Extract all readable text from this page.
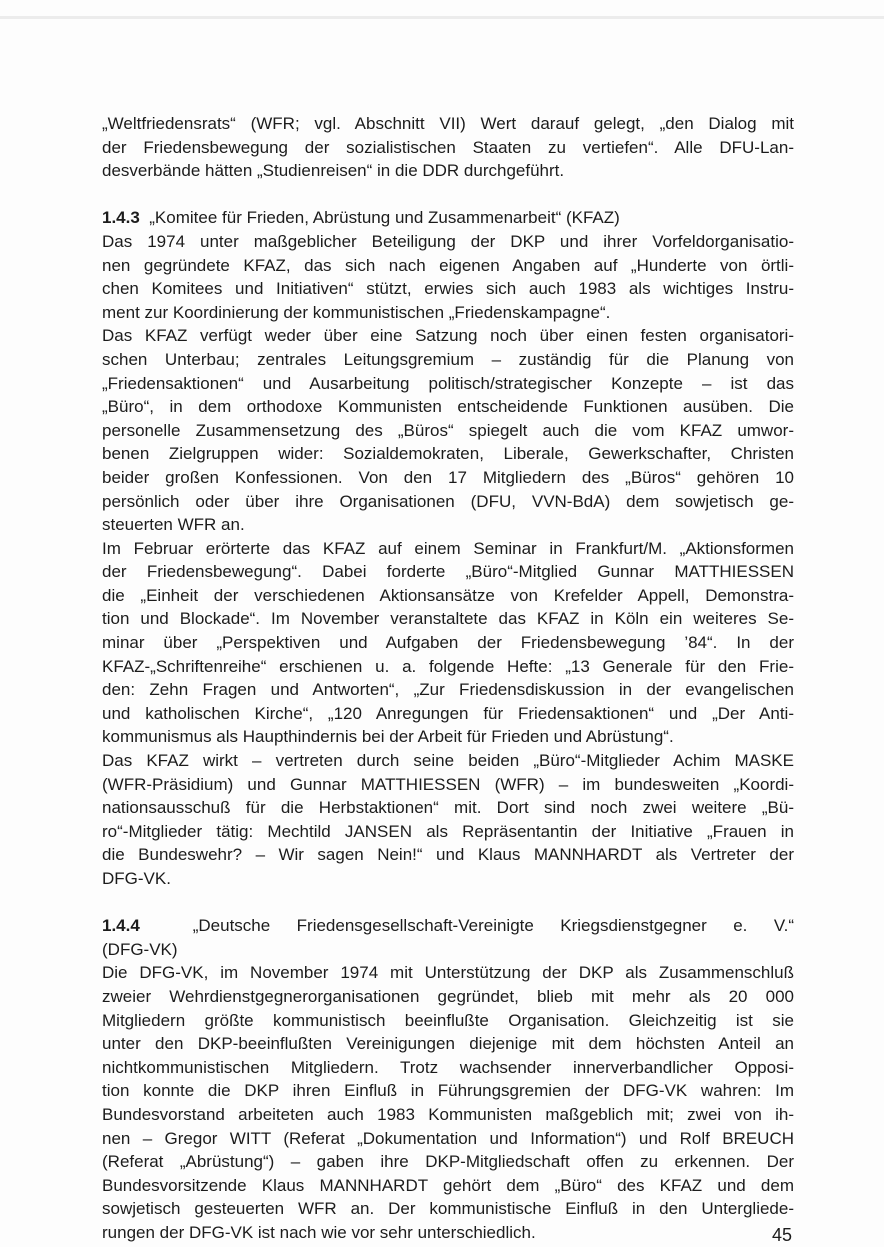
„Weltfriedensrats“ (WFR; vgl. Abschnitt VII) Wert darauf gelegt, „den Dialog mit
der Friedensbewegung der sozialistischen Staaten zu vertiefen“. Alle DFU-Lan-
desverbände hätten „Studienreisen“ in die DDR durchgeführt.
1.4.3 „Komitee für Frieden, Abrüstung und Zusammenarbeit“ (KFAZ)
Das 1974 unter maßgeblicher Beteiligung der DKP und ihrer Vorfeldorganisatio-
nen gegründete KFAZ, das sich nach eigenen Angaben auf „Hunderte von örtli-
chen Komitees und Initiativen“ stützt, erwies sich auch 1983 als wichtiges Instru-
ment zur Koordinierung der kommunistischen „Friedenskampagne“.
Das KFAZ verfügt weder über eine Satzung noch über einen festen organisatori-
schen Unterbau; zentrales Leitungsgremium – zuständig für die Planung von
„Friedensaktionen“ und Ausarbeitung politisch/strategischer Konzepte – ist das
„Büro“, in dem orthodoxe Kommunisten entscheidende Funktionen ausüben. Die
personelle Zusammensetzung des „Büros“ spiegelt auch die vom KFAZ umwor-
benen Zielgruppen wider: Sozialdemokraten, Liberale, Gewerkschafter, Christen
beider großen Konfessionen. Von den 17 Mitgliedern des „Büros“ gehören 10
persönlich oder über ihre Organisationen (DFU, VVN-BdA) dem sowjetisch ge-
steuerten WFR an.
Im Februar erörterte das KFAZ auf einem Seminar in Frankfurt/M. „Aktionsformen
der Friedensbewegung“. Dabei forderte „Büro“-Mitglied Gunnar MATTHIESSEN
die „Einheit der verschiedenen Aktionsansätze von Krefelder Appell, Demonstra-
tion und Blockade“. Im November veranstaltete das KFAZ in Köln ein weiteres Se-
minar über „Perspektiven und Aufgaben der Friedensbewegung ’84“. In der
KFAZ-„Schriftenreihe“ erschienen u. a. folgende Hefte: „13 Generale für den Frie-
den: Zehn Fragen und Antworten“, „Zur Friedensdiskussion in der evangelischen
und katholischen Kirche“, „120 Anregungen für Friedensaktionen“ und „Der Anti-
kommunismus als Haupthindernis bei der Arbeit für Frieden und Abrüstung“.
Das KFAZ wirkt – vertreten durch seine beiden „Büro“-Mitglieder Achim MASKE
(WFR-Präsidium) und Gunnar MATTHIESSEN (WFR) – im bundesweiten „Koordi-
nationsausschuß für die Herbstaktionen“ mit. Dort sind noch zwei weitere „Bü-
ro“-Mitglieder tätig: Mechtild JANSEN als Repräsentantin der Initiative „Frauen in
die Bundeswehr? – Wir sagen Nein!“ und Klaus MANNHARDT als Vertreter der
DFG-VK.
1.4.4	„Deutsche Friedensgesellschaft-Vereinigte Kriegsdienstgegner e. V.“
(DFG-VK)
Die DFG-VK, im November 1974 mit Unterstützung der DKP als Zusammenschluß
zweier Wehrdienstgegnerorganisationen gegründet, blieb mit mehr als 20 000
Mitgliedern größte kommunistisch beeinflußte Organisation. Gleichzeitig ist sie
unter den DKP-beeinflußten Vereinigungen diejenige mit dem höchsten Anteil an
nichtkommunistischen Mitgliedern. Trotz wachsender innerverbandlicher Opposi-
tion konnte die DKP ihren Einfluß in Führungsgremien der DFG-VK wahren: Im
Bundesvorstand arbeiteten auch 1983 Kommunisten maßgeblich mit; zwei von ih-
nen – Gregor WITT (Referat „Dokumentation und Information“) und Rolf BREUCH
(Referat „Abrüstung“) – gaben ihre DKP-Mitgliedschaft offen zu erkennen. Der
Bundesvorsitzende Klaus MANNHARDT gehört dem „Büro“ des KFAZ und dem
sowjetisch gesteuerten WFR an. Der kommunistische Einfluß in den Untergliede-
rungen der DFG-VK ist nach wie vor sehr unterschiedlich.	45
